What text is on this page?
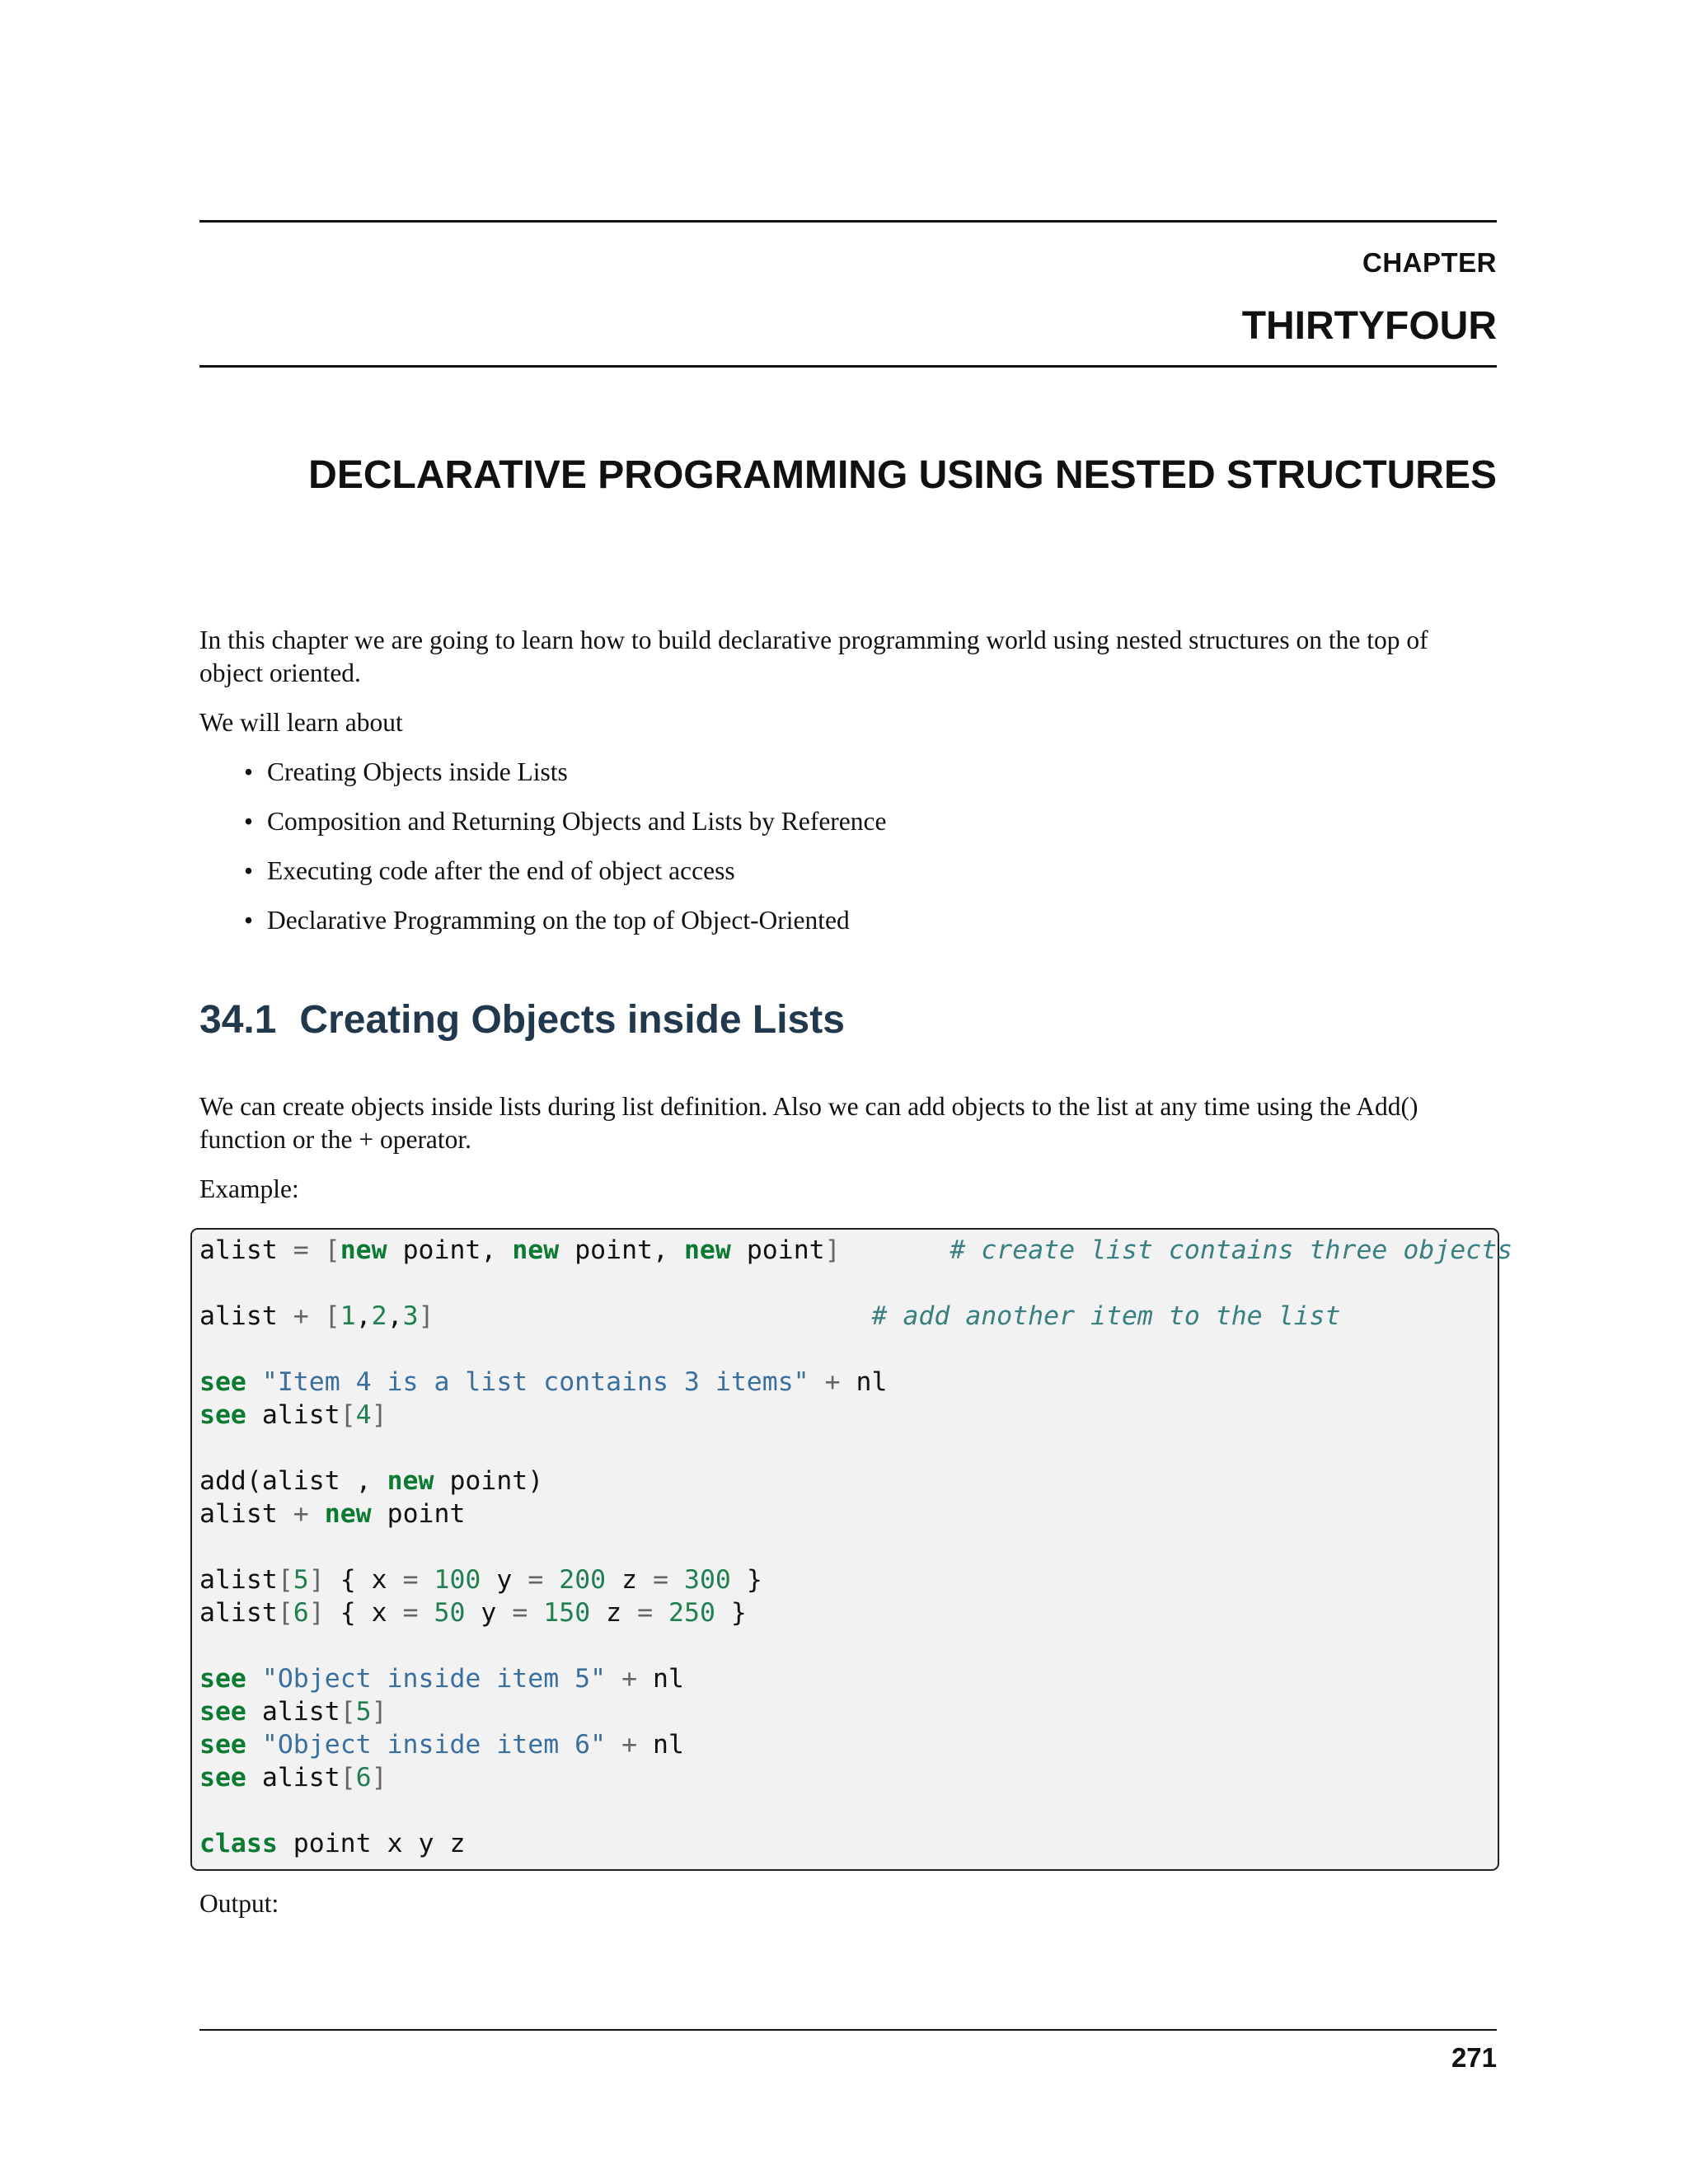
CHAPTER
THIRTYFOUR
DECLARATIVE PROGRAMMING USING NESTED STRUCTURES

In this chapter we are going to learn how to build declarative programming world using nested structures on the top of object oriented.

We will learn about

• Creating Objects inside Lists
• Composition and Returning Objects and Lists by Reference
• Executing code after the end of object access
• Declarative Programming on the top of Object-Oriented
34.1 Creating Objects inside Lists

We can create objects inside lists during list definition. Also we can add objects to the list at any time using the Add() function or the + operator.

Example:

alist = [new point, new point, new point]	# create list contains three objects

alist + [1,2,3]	# add another item to the list

see "Item 4 is a list contains 3 items" + nl
see alist[4]

add(alist , new point)
alist + new point

alist[5] { x = 100 y = 200 z = 300 }
alist[6] { x = 50 y = 150 z = 250 }

see "Object inside item 5" + nl
see alist[5]
see "Object inside item 6" + nl
see alist[6]

class point x y z

Output:

271
